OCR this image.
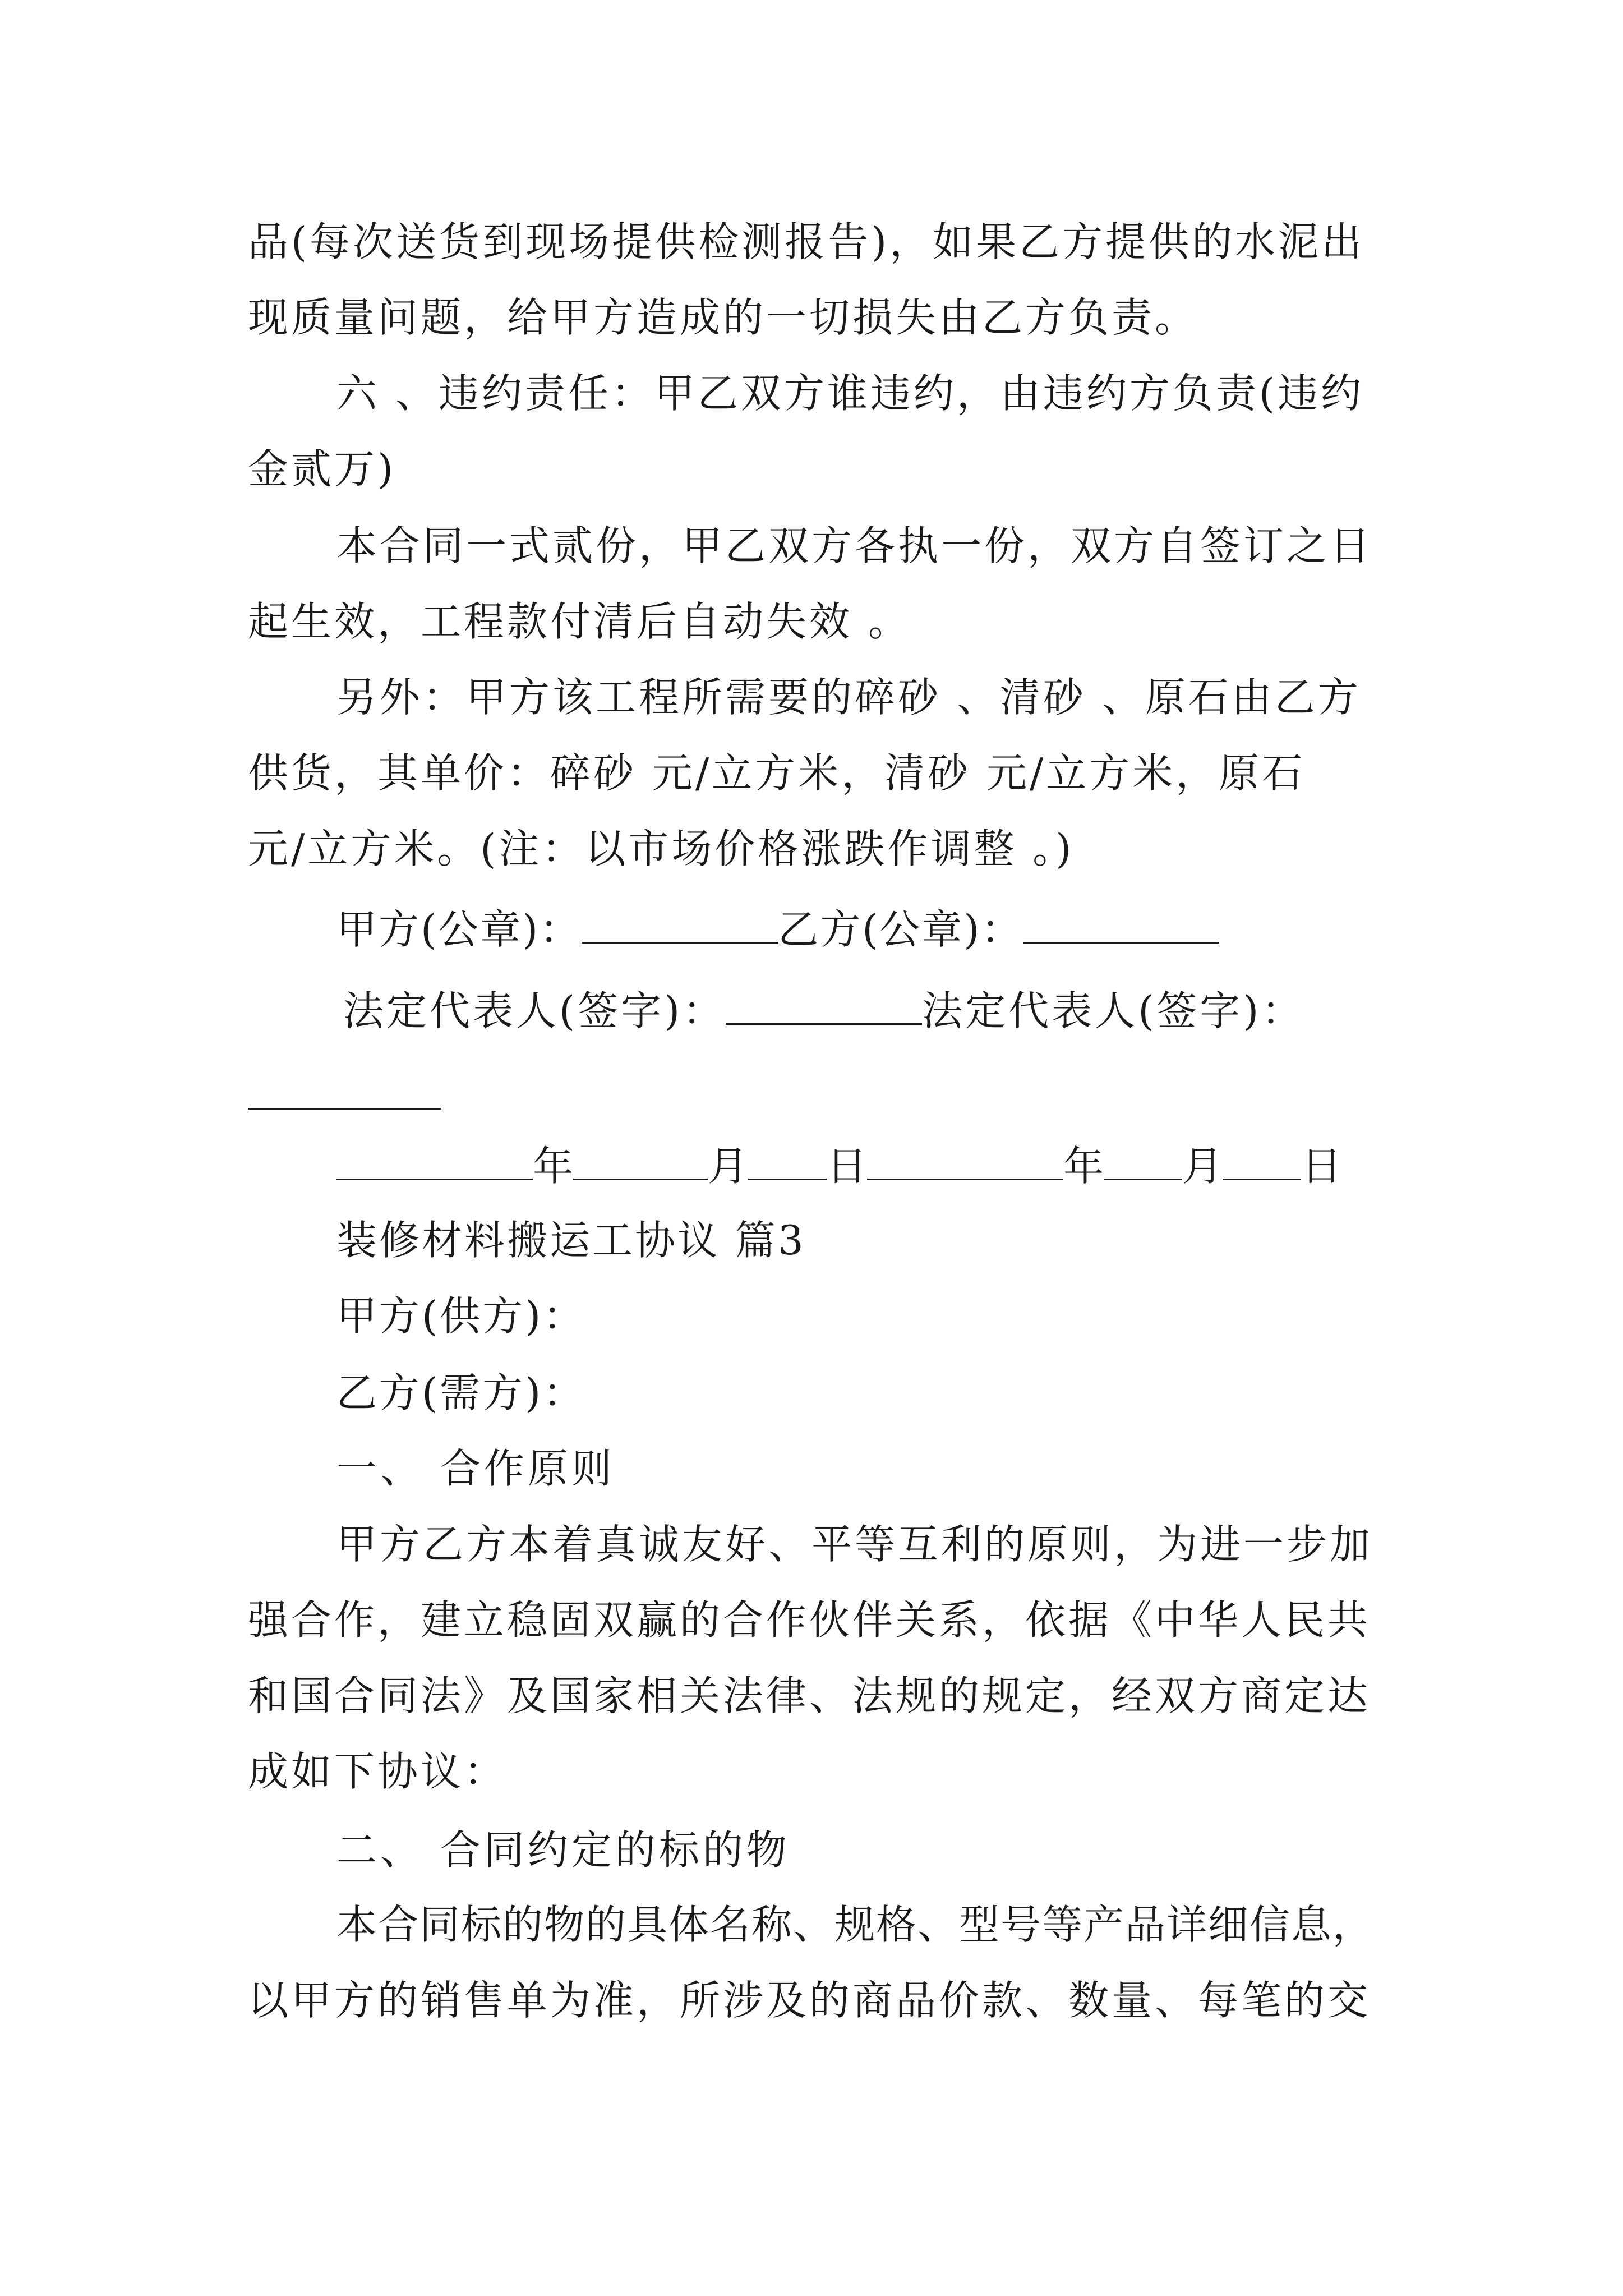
品(每次送货到现场提供检测报告)，如果乙方提供的水泥出
现质量问题，给甲方造成的一切损失由乙方负责。
六 、违约责任：甲乙双方谁违约，由违约方负责(违约
金贰万)
本合同一式贰份，甲乙双方各执一份，双方自签订之日
起生效，工程款付清后自动失效 。
另外：甲方该工程所需要的碎砂 、清砂 、原石由乙方
供货，其单价：碎砂 元/立方米，清砂 元/立方米，原石
元/立方米。(注：以市场价格涨跌作调整 。)
甲方(公章)：	乙方(公章)：
法定代表人(签字)：	法定代表人(签字)：
年	月 日	年 月 日
装修材料搬运工协议 篇3
甲方(供方)：
乙方(需方)：
一、 合作原则
甲方乙方本着真诚友好、平等互利的原则，为进一步加
强合作，建立稳固双赢的合作伙伴关系，依据《中华人民共
和国合同法》及国家相关法律、法规的规定，经双方商定达
成如下协议：
二、 合同约定的标的物
本合同标的物的具体名称、规格、型号等产品详细信息，
以甲方的销售单为准，所涉及的商品价款、数量、每笔的交
